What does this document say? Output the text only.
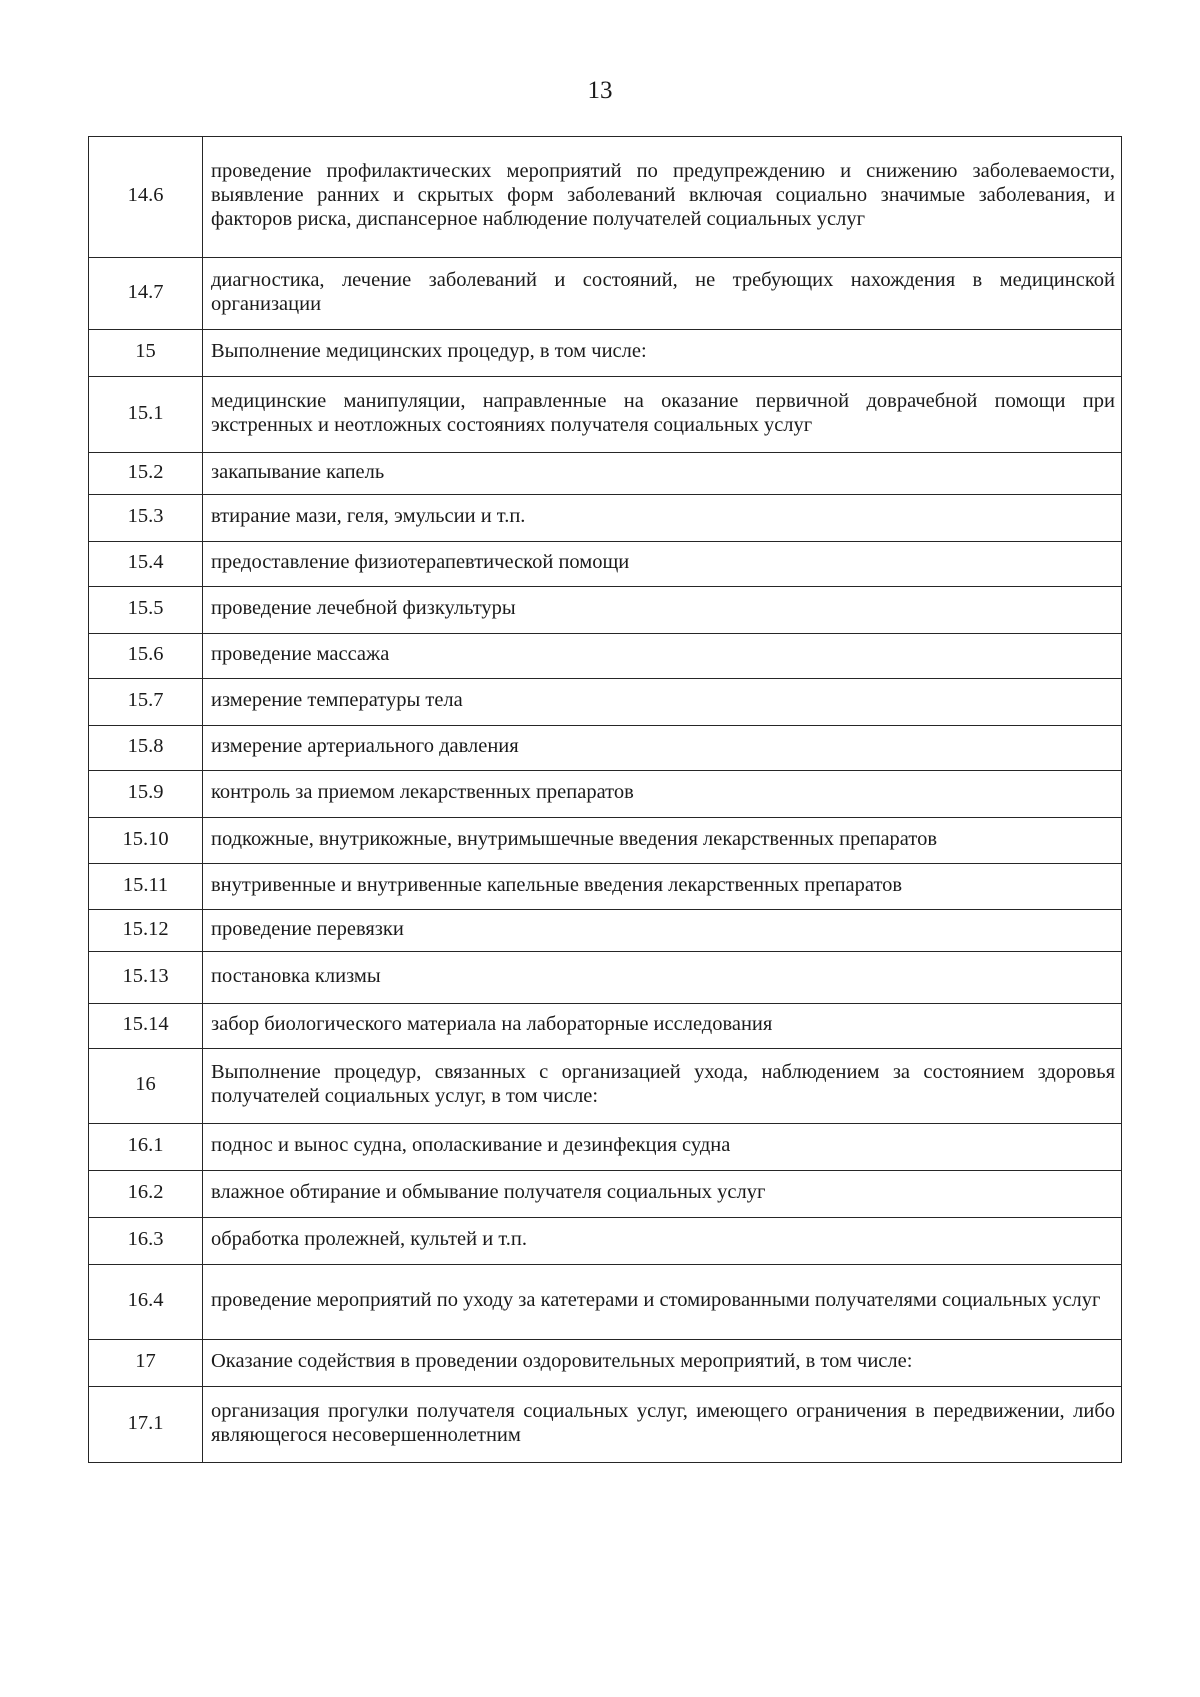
13
14.6	проведение профилактических мероприятий по предупреждению и снижению заболеваемости, выявление ранних и скрытых форм заболеваний включая социально значимые заболевания, и факторов риска, диспансерное наблюдение получателей социальных услуг
14.7	диагностика, лечение заболеваний и состояний, не требующих нахождения в медицинской организации
15	Выполнение медицинских процедур, в том числе:
15.1	медицинские манипуляции, направленные на оказание первичной доврачебной помощи при экстренных и неотложных состояниях получателя социальных услуг
15.2	закапывание капель
15.3	втирание мази, геля, эмульсии и т.п.
15.4	предоставление физиотерапевтической помощи
15.5	проведение лечебной физкультуры
15.6	проведение массажа
15.7	измерение температуры тела
15.8	измерение артериального давления
15.9	контроль за приемом лекарственных препаратов
15.10	подкожные, внутрикожные, внутримышечные введения лекарственных препаратов
15.11	внутривенные и внутривенные капельные введения лекарственных препаратов
15.12	проведение перевязки
15.13	постановка клизмы
15.14	забор биологического материала на лабораторные исследования
16	Выполнение процедур, связанных с организацией ухода, наблюдением за состоянием здоровья получателей социальных услуг, в том числе:
16.1	поднос и вынос судна, ополаскивание и дезинфекция судна
16.2	влажное обтирание и обмывание получателя социальных услуг
16.3	обработка пролежней, культей и т.п.
16.4	проведение мероприятий по уходу за катетерами и стомированными получателями социальных услуг
17	Оказание содействия в проведении оздоровительных мероприятий, в том числе:
17.1	организация прогулки получателя социальных услуг, имеющего ограничения в передвижении, либо являющегося несовершеннолетним
